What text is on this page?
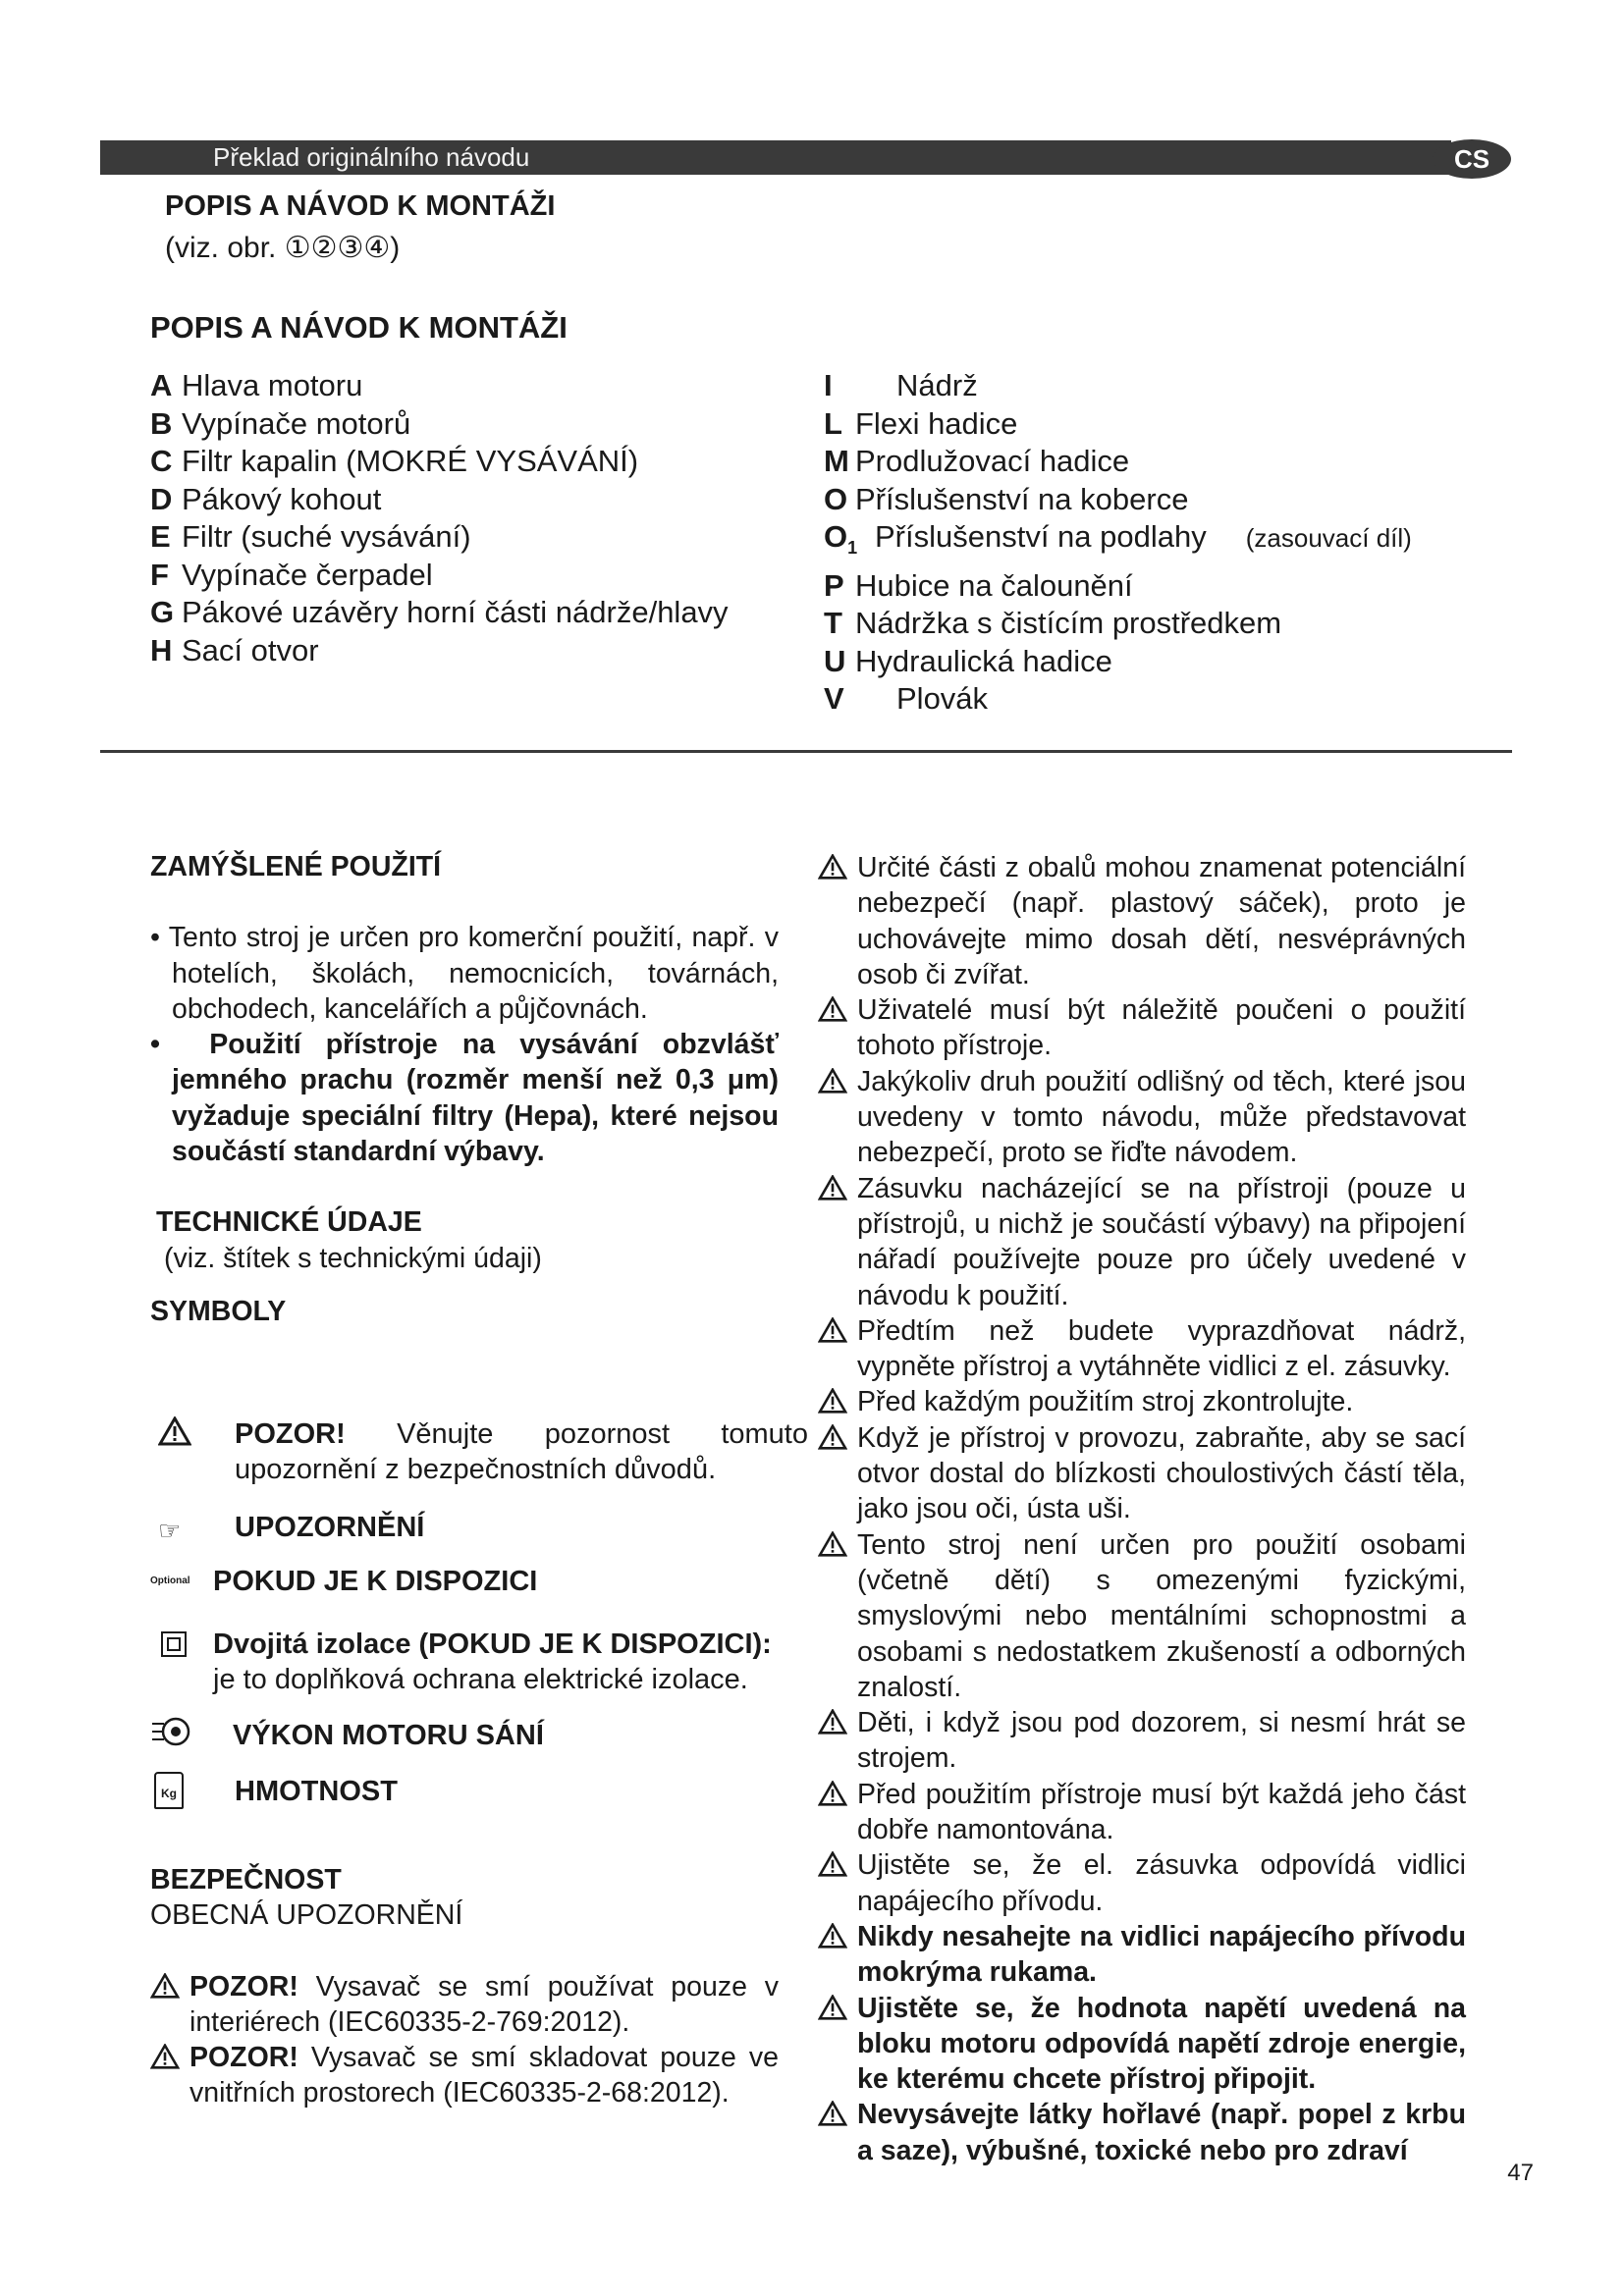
Překlad originálního návodu	CS
POPIS A NÁVOD K MONTÁŽI
(viz. obr. ①②③④)
POPIS A NÁVOD K MONTÁŽI
A Hlava motoru
B Vypínače motorů
C Filtr kapalin (MOKRÉ VYSÁVÁNÍ)
D Pákový kohout
E Filtr (suché vysávání)
F Vypínače čerpadel
G Pákové uzávěry horní části nádrže/hlavy
H Sací otvor
I Nádrž
L Flexi hadice
M Prodlužovací hadice
O Příslušenství na koberce
$O_1$ Příslušenství na podlahy (zasouvací díl)
P Hubice na čalounění
T Nádržka s čistícím prostředkem
U Hydraulická hadice
V Plovák

ZAMÝŠLENÉ POUŽITÍ

• Tento stroj je určen pro komerční použití, např. v hotelích, školách, nemocnicích, továrnách, obchodech, kancelářích a půjčovnách.

•  Použití přístroje na vysávání obzvlášť jemného prachu (rozměr menší než 0,3 μm) vyžaduje speciální filtry (Hepa), které nejsou součástí standardní výbavy.

TECHNICKÉ ÚDAJE

(viz. štítek s technickými údaji)

SYMBOLY

POZOR! Věnujte pozornost tomuto upozornění z bezpečnostních důvodů.
☞ UPOZORNĚNÍ
Optional POKUD JE K DISPOZICI
Dvojitá izolace (POKUD JE K DISPOZICI): je to doplňková ochrana elektrické izolace.
VÝKON MOTORU SÁNÍ
Kg HMOTNOST

BEZPEČNOST

OBECNÁ UPOZORNĚNÍ

POZOR! Vysavač se smí používat pouze v interiérech (IEC60335-2-769:2012).

POZOR! Vysavač se smí skladovat pouze ve vnitřních prostorech (IEC60335-2-68:2012).

Určité části z obalů mohou znamenat potenciální nebezpečí (např. plastový sáček), proto je uchovávejte mimo dosah dětí, nesvéprávných osob či zvířat.

Uživatelé musí být náležitě poučeni o použití tohoto přístroje.

Jakýkoliv druh použití odlišný od těch, které jsou uvedeny v tomto návodu, může představovat nebezpečí, proto se řiďte návodem.

Zásuvku nacházející se na přístroji (pouze u přístrojů, u nichž je součástí výbavy) na připojení nářadí používejte pouze pro účely uvedené v návodu k použití.

Předtím než budete vyprazdňovat nádrž, vypněte přístroj a vytáhněte vidlici z el. zásuvky.

Před každým použitím stroj zkontrolujte.

Když je přístroj v provozu, zabraňte, aby se sací otvor dostal do blízkosti choulostivých částí těla, jako jsou oči, ústa uši.

Tento stroj není určen pro použití osobami (včetně dětí) s omezenými fyzickými, smyslovými nebo mentálními schopnostmi a osobami s nedostatkem zkušeností a odborných znalostí.

Děti, i když jsou pod dozorem, si nesmí hrát se strojem.

Před použitím přístroje musí být každá jeho část dobře namontována.

Ujistěte se, že el. zásuvka odpovídá vidlici napájecího přívodu.

Nikdy nesahejte na vidlici napájecího přívodu mokrýma rukama.

Ujistěte se, že hodnota napětí uvedená na bloku motoru odpovídá napětí zdroje energie, ke kterému chcete přístroj připojit.

Nevysávejte látky hořlavé (např. popel z krbu a saze), výbušné, toxické nebo pro zdraví

47
